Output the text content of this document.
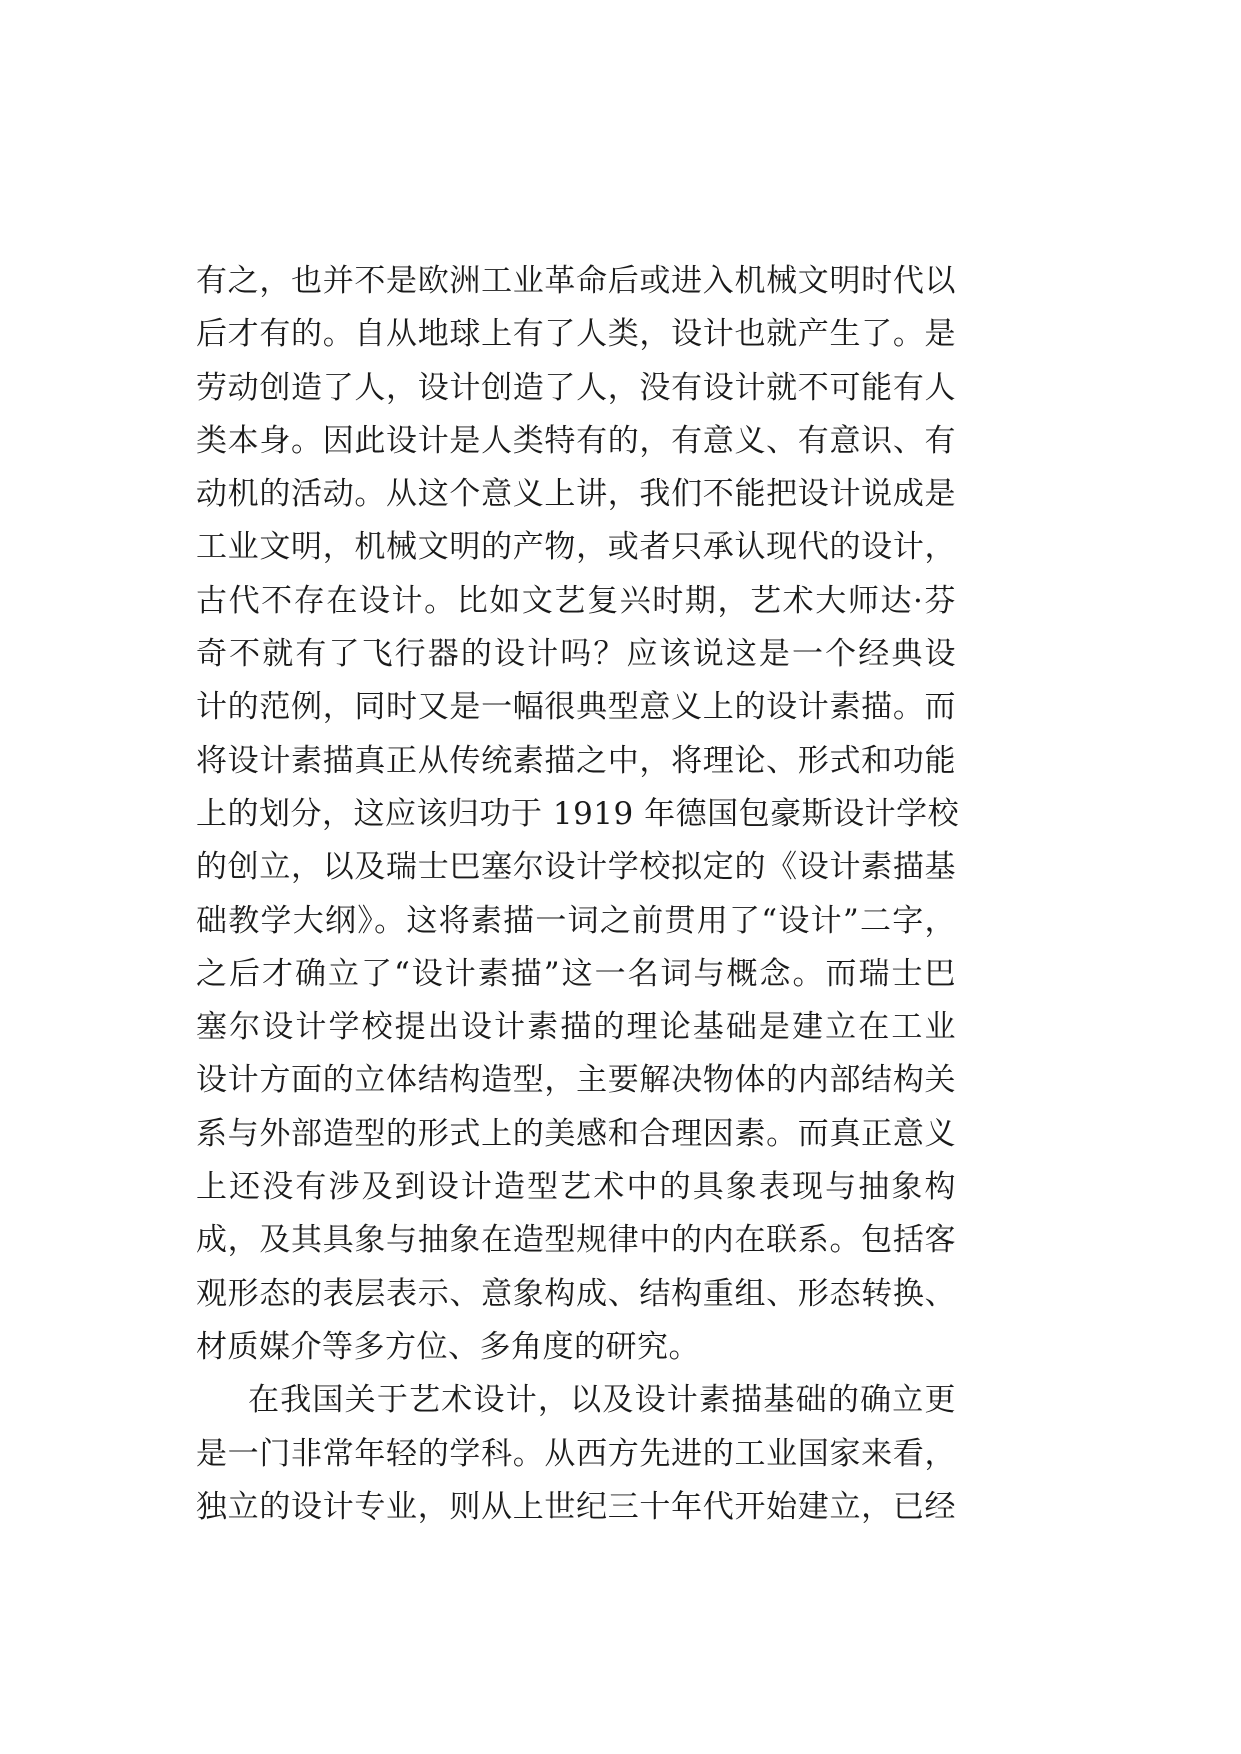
有之，也并不是欧洲工业革命后或进入机械文明时代以
后才有的。自从地球上有了人类，设计也就产生了。是
劳动创造了人，设计创造了人，没有设计就不可能有人
类本身。因此设计是人类特有的，有意义、有意识、有
动机的活动。从这个意义上讲，我们不能把设计说成是
工业文明，机械文明的产物，或者只承认现代的设计，
古代不存在设计。比如文艺复兴时期，艺术大师达·芬
奇不就有了飞行器的设计吗？应该说这是一个经典设
计的范例，同时又是一幅很典型意义上的设计素描。而
将设计素描真正从传统素描之中，将理论、形式和功能
上的划分，这应该归功于 1919 年德国包豪斯设计学校
的创立，以及瑞士巴塞尔设计学校拟定的《设计素描基
础教学大纲》。这将素描一词之前贯用了“设计”二字，
之后才确立了“设计素描”这一名词与概念。而瑞士巴
塞尔设计学校提出设计素描的理论基础是建立在工业
设计方面的立体结构造型，主要解决物体的内部结构关
系与外部造型的形式上的美感和合理因素。而真正意义
上还没有涉及到设计造型艺术中的具象表现与抽象构
成，及其具象与抽象在造型规律中的内在联系。包括客
观形态的表层表示、意象构成、结构重组、形态转换、
材质媒介等多方位、多角度的研究。
在我国关于艺术设计，以及设计素描基础的确立更
是一门非常年轻的学科。从西方先进的工业国家来看，
独立的设计专业，则从上世纪三十年代开始建立，已经
